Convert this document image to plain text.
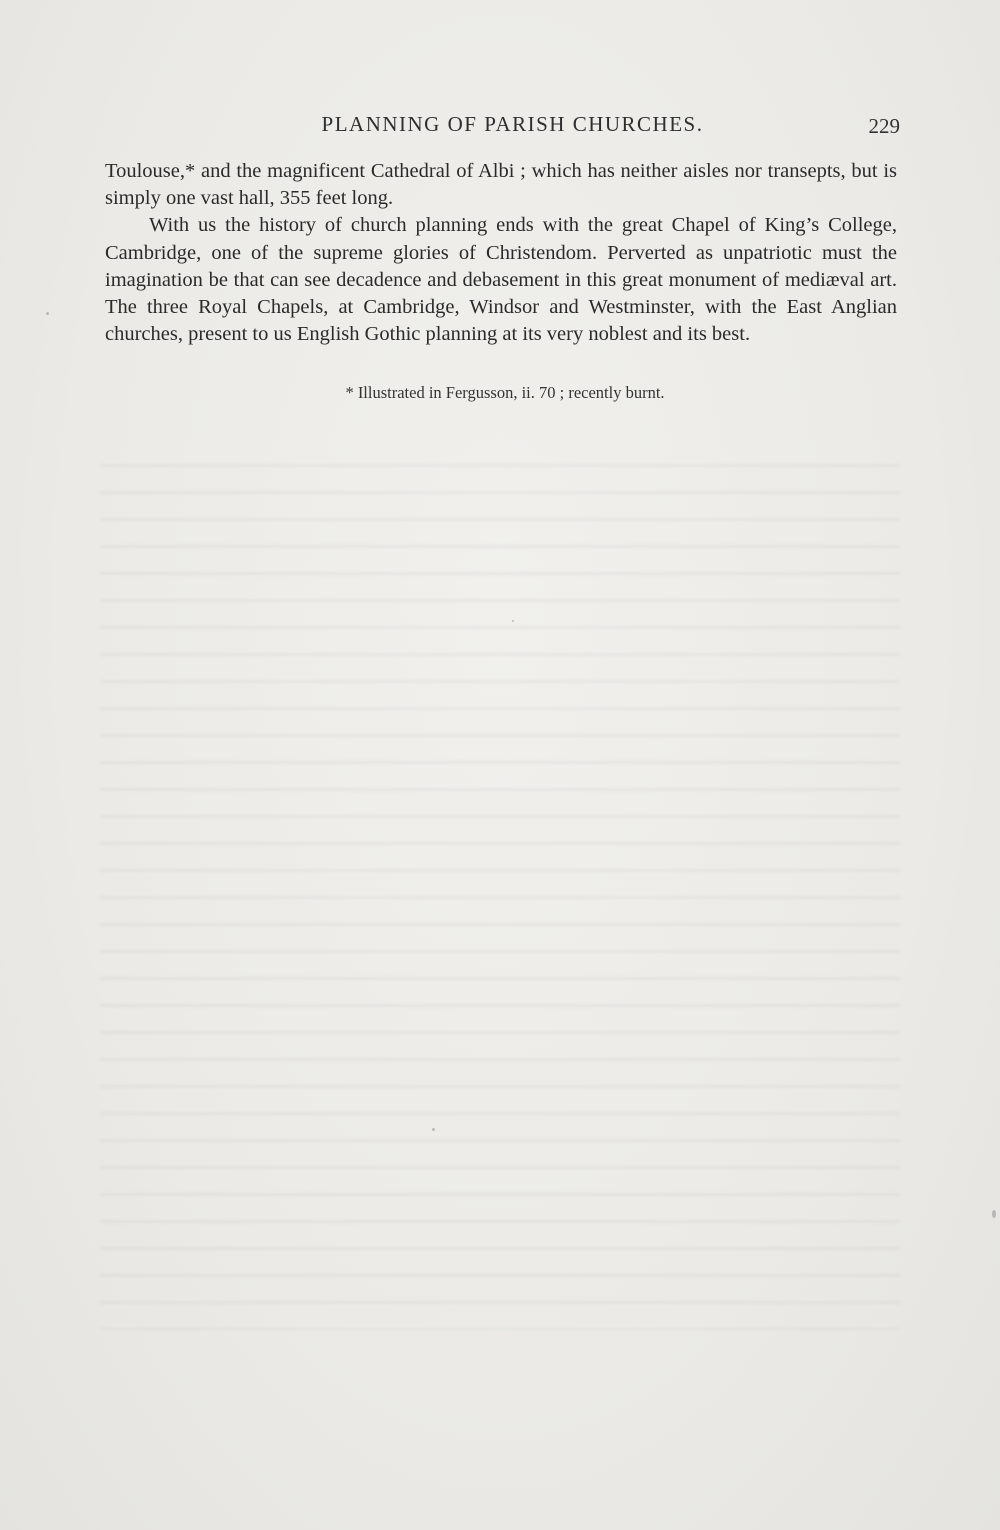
PLANNING OF PARISH CHURCHES.	229

Toulouse,* and the magnificent Cathedral of Albi ; which has neither aisles nor transepts, but is simply one vast hall, 355 feet long.

With us the history of church planning ends with the great Chapel of King’s College, Cambridge, one of the supreme glories of Christendom. Perverted as unpatriotic must the imagination be that can see decadence and debasement in this great monument of mediæval art. The three Royal Chapels, at Cambridge, Windsor and Westminster, with the East Anglian churches, present to us English Gothic planning at its very noblest and its best.

* Illustrated in Fergusson, ii. 70 ; recently burnt.
